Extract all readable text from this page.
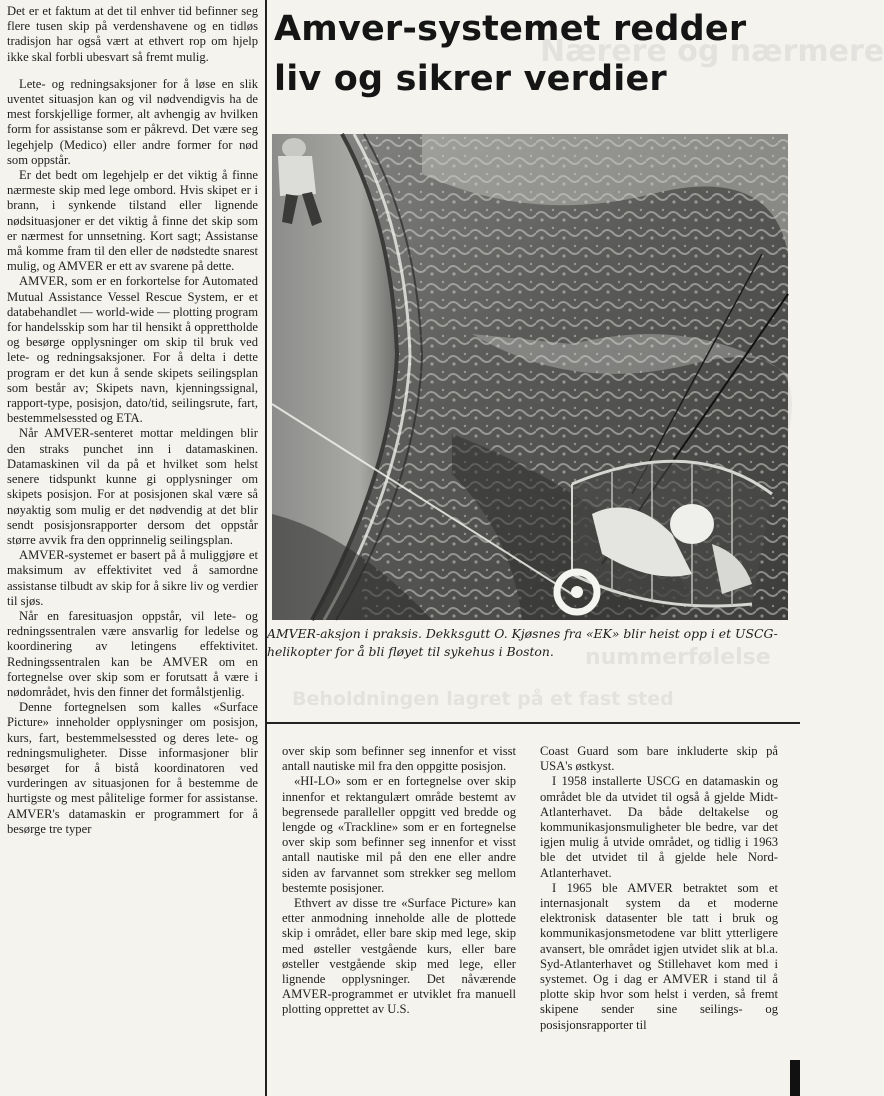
Nærere og nærmere
nummerfølelse
Beholdningen lagret på et fast sted

Det er et faktum at det til enhver tid befinner seg flere tusen skip på verdenshavene og en tidløs tradisjon har også vært at ethvert rop om hjelp ikke skal forbli ubesvart så fremt mulig.

Lete- og redningsaksjoner for å løse en slik uventet situasjon kan og vil nødvendigvis ha de mest forskjellige former, alt avhengig av hvilken form for assistanse som er påkrevd. Det være seg legehjelp (Medico) eller andre former for nød som oppstår.

Er det bedt om legehjelp er det viktig å finne nærmeste skip med lege ombord. Hvis skipet er i brann, i synkende tilstand eller lignende nødsituasjoner er det viktig å finne det skip som er nærmest for unnsetning. Kort sagt; Assistanse må komme fram til den eller de nødstedte snarest mulig, og AMVER er ett av svarene på dette.

AMVER, som er en forkortelse for Automated Mutual Assistance Vessel Rescue System, er et databehandlet — world-wide — plotting program for handelsskip som har til hensikt å opprettholde og besørge opplysninger om skip til bruk ved lete- og redningsaksjoner. For å delta i dette program er det kun å sende skipets seilingsplan som består av; Skipets navn, kjenningssignal, rapport-type, posisjon, dato/tid, seilingsrute, fart, bestemmelsessted og ETA.

Når AMVER-senteret mottar meldingen blir den straks punchet inn i datamaskinen. Datamaskinen vil da på et hvilket som helst senere tidspunkt kunne gi opplysninger om skipets posisjon. For at posisjonen skal være så nøyaktig som mulig er det nødvendig at det blir sendt posisjonsrapporter dersom det oppstår større avvik fra den opprinnelig seilingsplan.

AMVER-systemet er basert på å muliggjøre et maksimum av effektivitet ved å samordne assistanse tilbudt av skip for å sikre liv og verdier til sjøs.

Når en faresituasjon oppstår, vil lete- og redningssentralen være ansvarlig for ledelse og koordinering av letingens effektivitet. Redningssentralen kan be AMVER om en fortegnelse over skip som er forutsatt å være i nødområdet, hvis den finner det formålstjenlig.

Denne fortegnelsen som kalles «Surface Picture» inneholder opplysninger om posisjon, kurs, fart, bestemmelsessted og deres lete- og redningsmuligheter. Disse informasjoner blir besørget for å bistå koordinatoren ved vurderingen av situasjonen for å bestemme de hurtigste og mest pålitelige former for assistanse. AMVER's datamaskin er programmert for å besørge tre typer

Amver-systemet redder
liv og sikrer verdier

AMVER-aksjon i praksis. Dekksgutt O. Kjøsnes fra «EK» blir heist opp i et USCG-helikopter for å bli fløyet til sykehus i Boston.

over skip som befinner seg innenfor et visst antall nautiske mil fra den oppgitte posisjon.

«HI-LO» som er en fortegnelse over skip innenfor et rektangulært område bestemt av begrensede paralleller oppgitt ved bredde og lengde og «Trackline» som er en fortegnelse over skip som befinner seg innenfor et visst antall nautiske mil på den ene eller andre siden av farvannet som strekker seg mellom bestemte posisjoner.

Ethvert av disse tre «Surface Picture» kan etter anmodning inneholde alle de plottede skip i området, eller bare skip med lege, skip med østeller vestgående kurs, eller bare østeller vestgående skip med lege, eller lignende opplysninger. Det nåværende AMVER-programmet er utviklet fra manuell plotting opprettet av U.S.

Coast Guard som bare inkluderte skip på USA's østkyst.

I 1958 installerte USCG en datamaskin og området ble da utvidet til også å gjelde Midt-Atlanterhavet. Da både deltakelse og kommunikasjonsmuligheter ble bedre, var det igjen mulig å utvide området, og tidlig i 1963 ble det utvidet til å gjelde hele Nord-Atlanterhavet.

I 1965 ble AMVER betraktet som et internasjonalt system da et moderne elektronisk datasenter ble tatt i bruk og kommunikasjonsmetodene var blitt ytterligere avansert, ble området igjen utvidet slik at bl.a. Syd-Atlanterhavet og Stillehavet kom med i systemet. Og i dag er AMVER i stand til å plotte skip hvor som helst i verden, så fremt skipene sender sine seilings- og posisjonsrapporter til
